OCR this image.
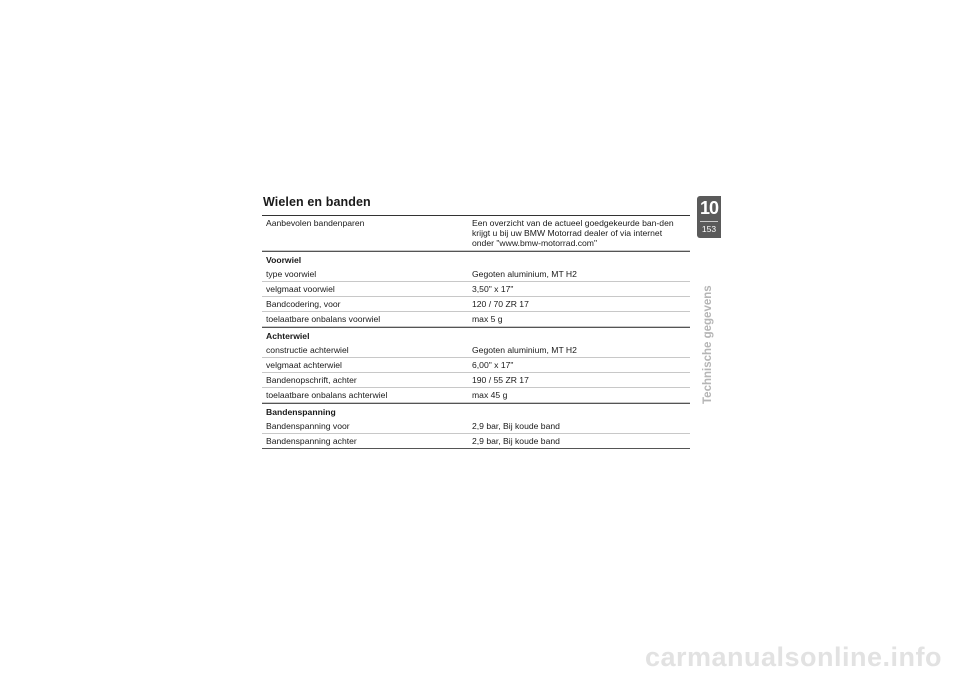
Wielen en banden
Aanbevolen bandenparen	Een overzicht van de actueel goedgekeurde ban-den krijgt u bij uw BMW Motorrad dealer of via internet onder "www.bmw-motorrad.com"
Voorwiel
type voorwiel	Gegoten aluminium, MT H2
velgmaat voorwiel	3,50" x 17"
Bandcodering, voor	120 / 70 ZR 17
toelaatbare onbalans voorwiel	max 5 g
Achterwiel
constructie achterwiel	Gegoten aluminium, MT H2
velgmaat achterwiel	6,00" x 17"
Bandenopschrift, achter	190 / 55 ZR 17
toelaatbare onbalans achterwiel	max 45 g
Bandenspanning
Bandenspanning voor	2,9 bar, Bij koude band
Bandenspanning achter	2,9 bar, Bij koude band
10
153
Technische gegevens
carmanualsonline.info
